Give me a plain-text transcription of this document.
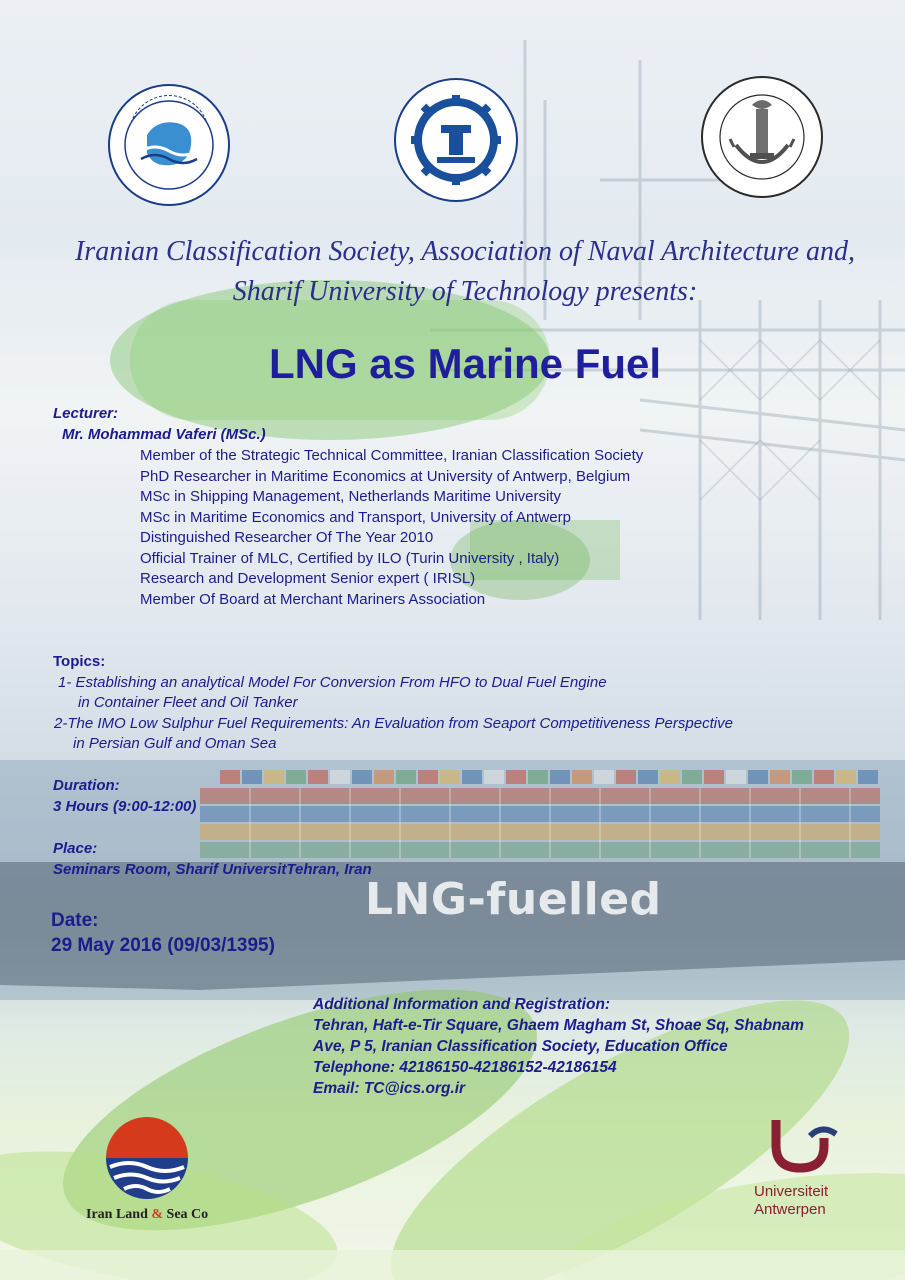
LNG-fuelled
Iranian Classification Society, Association of Naval Architecture and,
Sharif University of Technology presents:
LNG as Marine Fuel
Lecturer:
Mr. Mohammad Vaferi (MSc.)
Member of the Strategic Technical Committee, Iranian Classification Society
PhD Researcher in Maritime Economics at University of Antwerp, Belgium
MSc in Shipping Management, Netherlands Maritime University
MSc in Maritime Economics and Transport, University of Antwerp
Distinguished Researcher Of The Year 2010
Official Trainer of MLC, Certified by ILO (Turin University , Italy)
Research and Development Senior expert ( IRISL)
Member Of Board at Merchant Mariners Association
Topics:
1- Establishing an analytical Model For Conversion From HFO to Dual Fuel Engine
in Container Fleet and Oil Tanker
2-The IMO Low Sulphur Fuel Requirements: An Evaluation from Seaport Competitiveness Perspective
in Persian Gulf and Oman Sea
Duration:
3 Hours (9:00-12:00)
Place:
Seminars Room, Sharif UniversitTehran, Iran
Date:
29 May 2016 (09/03/1395)
Additional Information and Registration:
Tehran, Haft-e-Tir Square, Ghaem Magham St, Shoae Sq, Shabnam
Ave, P 5, Iranian Classification Society, Education Office
Telephone: 42186150-42186152-42186154
Email: TC@ics.org.ir
Iran Land & Sea Co
Universiteit
Antwerpen
